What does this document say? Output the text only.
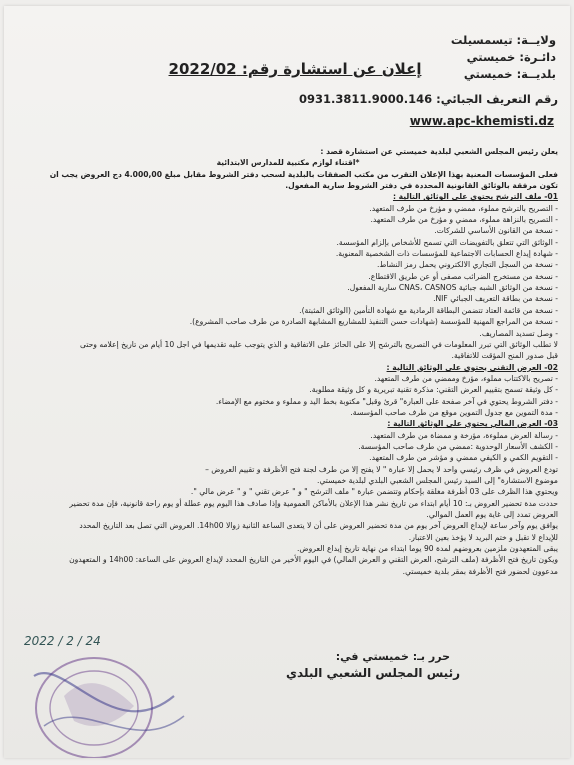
ولايــة: تيسمسيلت
دائـرة: خميستي
بلديــة: خميستي
إعلان عن استشارة رقم: 2022/02
رقم التعريف الجبائي: 0931.3811.9000.146
www.apc-khemisti.dz
يعلن رئيس المجلس الشعبي لبلدية خميستي عن استشارة قصد :
*اقتناء لوازم مكتبية للمدارس الابتدائية
فعلى المؤسسات المعنية بهذا الإعلان التقرب من مكتب الصفقات بالبلدية لسحب دفتر الشروط مقابل مبلغ 4.000,00 دج العروض يجب ان
تكون مرفقة بالوثائق القانونية المحددة في دفتر الشروط سارية المفعول.
01- ملف الترشح يحتوي على الوثائق التالية :
- التصريح بالترشح مملوء، ممضي و مؤرخ من طرف المتعهد.
- التصريح بالنزاهة مملوء، ممضي و مؤرخ من طرف المتعهد.
- نسخة من القانون الأساسي للشركات.
- الوثائق التي تتعلق بالتفويضات التي تسمح للأشخاص بإلزام المؤسسة.
- شهادة إيداع الحسابات الاجتماعية للمؤسسات ذات الشخصية المعنوية.
- نسخة من السجل التجاري الالكتروني يحمل رمز النشاط.
- نسخة من مستخرج الضرائب مصفى أو عن طريق الاقتطاع.
- نسخة من الوثائق الشبه جبائية CNAS، CASNOS سارية المفعول.
- نسخة من بطاقة التعريف الجبائي NIF.
- نسخة من قائمة العتاد تتضمن البطاقة الرمادية مع شهادة التأمين (الوثائق المثبتة).
- نسخة من المراجع المهنية للمؤسسة (شهادات حسن التنفيذ للمشاريع المشابهة الصادرة من طرف صاحب المشروع).
- وصل تسديد المصاريف.
لا تطلب الوثائق التي تبرر المعلومات في التصريح بالترشح إلا على الحائز على الاتفاقية و الذي يتوجب عليه تقديمها في اجل 10 أيام من تاريخ إعلامه وحتى
قبل صدور المنح المؤقت للاتفاقية.
02- العرض التقني يحتوي على الوثائق التالية :
- تصريح بالاكتتاب مملوء، مؤرخ وممضي من طرف المتعهد.
- كل وثيقة تسمح بتقييم العرض التقني: مذكرة تقنية تبريرية و كل وثيقة مطلوبة.
- دفتر الشروط يحتوي في آخر صفحة على العبارة" قرئ وقبل" مكتوبة بخط اليد و مملوء و مختوم مع الإمضاء.
- مدة التموين مع جدول التموين موقع من طرف صاحب المؤسسة.
03- العرض المالي يحتوي على الوثائق التالية :
- رسالة العرض مملوءة، مؤرخة و ممضاة من طرف المتعهد.
- الكشف الأسعار الوحدوية :ممضي من طرف صاحب المؤسسة.
- التقويم الكمي و الكيفي ممضي و مؤشر من طرف المتعهد.
تودع العروض في ظرف رئيسي واحد لا يحمل إلا عبارة " لا يفتح إلا من طرف لجنة فتح الأظرفة و تقييم العروض –
موضوع الاستشارة" إلى السيد رئيس المجلس الشعبي البلدي لبلدية خميستي.
ويحتوي هذا الظرف على 03 أظرفة مغلقة بإحكام وتتضمن عبارة " ملف الترشح " و " عرض تقني " و " عرض مالي ".
حددت مدة تحضير العروض بـ: 10 أيام ابتداء من تاريخ نشر هذا الإعلان بالأماكن العمومية وإذا صادف هذا اليوم يوم عطلة أو يوم راحة قانونية، فإن مدة تحضير
العروض تمدد إلى غاية يوم العمل الموالي.
يوافق يوم وآخر ساعة لإيداع العروض آخر يوم من مدة تحضير العروض على أن لا يتعدى الساعة الثانية زوالا 14h00. العروض التي تصل بعد التاريخ المحدد
للإيداع لا تقبل و ختم البريد لا يؤخذ بعين الاعتبار.
يبقى المتعهدون ملزمين بعروضهم لمدة 90 يوما ابتداء من نهاية تاريخ إيداع العروض.
ويكون تاريخ فتح الأظرفة (ملف الترشح، العرض التقني و العرض المالي) في اليوم الأخير من التاريخ المحدد لإيداع العروض على الساعة: 14h00 و المتعهدون
مدعوون لحضور فتح الأظرفة بمقر بلدية خميستي.
2022 / 2 / 24
حرر بـ: خميستي في:
رئيس المجلس الشعبي البلدي
